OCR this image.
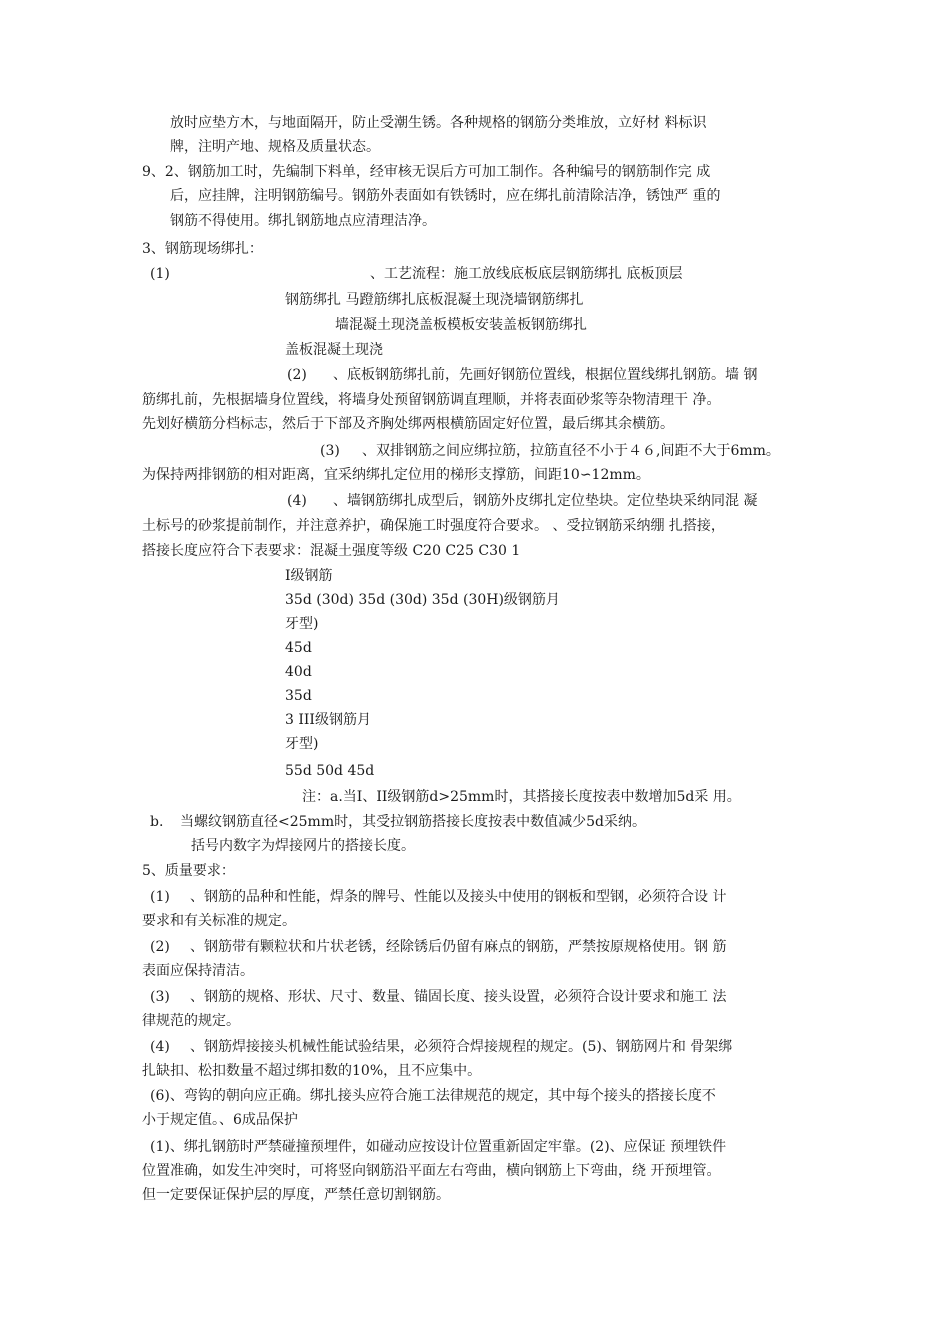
放时应垫方木，与地面隔开，防止受潮生锈。各种规格的钢筋分类堆放，立好材 料标识
牌，注明产地、规格及质量状态。
9、2、钢筋加工时，先编制下料单，经审核无误后方可加工制作。各种编号的钢筋制作完 成
后，应挂牌，注明钢筋编号。钢筋外表面如有铁锈时，应在绑扎前清除洁净，锈蚀严 重的
钢筋不得使用。绑扎钢筋地点应清理洁净。
3、钢筋现场绑扎：
(1)	、工艺流程：施工放线底板底层钢筋绑扎 底板顶层
钢筋绑扎 马蹬筋绑扎底板混凝土现浇墙钢筋绑扎
墙混凝土现浇盖板模板安装盖板钢筋绑扎
盖板混凝土现浇
(2) 、底板钢筋绑扎前，先画好钢筋位置线，根据位置线绑扎钢筋。墙 钢
筋绑扎前，先根据墙身位置线，将墙身处预留钢筋调直理顺，并将表面砂浆等杂物清理干 净。
先划好横筋分档标志，然后于下部及齐胸处绑两根横筋固定好位置，最后绑其余横筋。
(3) 、双排钢筋之间应绑拉筋，拉筋直径不小于４６,间距不大于6mm。
为保持两排钢筋的相对距离，宜采纳绑扎定位用的梯形支撑筋，间距10∽12mm。
(4) 、墙钢筋绑扎成型后，钢筋外皮绑扎定位垫块。定位垫块采纳同混 凝
土标号的砂浆提前制作，并注意养护，确保施工时强度符合要求。 、受拉钢筋采纳绷 扎搭接，
搭接长度应符合下表要求：混凝土强度等级 C20 C25 C30 1
I级钢筋
35d (30d) 35d (30d) 35d (30H)级钢筋月
牙型)
45d
40d
35d
3 III级钢筋月
牙型)
55d 50d 45d
注：a.当I、II级钢筋d>25mm时，其搭接长度按表中数增加5d采 用。
b. 当螺纹钢筋直径<25mm时，其受拉钢筋搭接长度按表中数值减少5d采纳。
括号内数字为焊接网片的搭接长度。
5、质量要求：
(1) 、钢筋的品种和性能，焊条的牌号、性能以及接头中使用的钢板和型钢，必须符合设 计
要求和有关标准的规定。
(2) 、钢筋带有颗粒状和片状老锈，经除锈后仍留有麻点的钢筋，严禁按原规格使用。钢 筋
表面应保持清洁。
(3) 、钢筋的规格、形状、尺寸、数量、锚固长度、接头设置，必须符合设计要求和施工 法
律规范的规定。
(4) 、钢筋焊接接头机械性能试验结果，必须符合焊接规程的规定。(5)、钢筋网片和 骨架绑
扎缺扣、松扣数量不超过绑扣数的10%，且不应集中。
(6)、弯钩的朝向应正确。绑扎接头应符合施工法律规范的规定，其中每个接头的搭接长度不
小于规定值。、6成品保护
(1)、绑扎钢筋时严禁碰撞预埋件，如碰动应按设计位置重新固定牢靠。(2)、应保证 预埋铁件
位置准确，如发生冲突时，可将竖向钢筋沿平面左右弯曲，横向钢筋上下弯曲，绕 开预埋管。
但一定要保证保护层的厚度，严禁任意切割钢筋。
